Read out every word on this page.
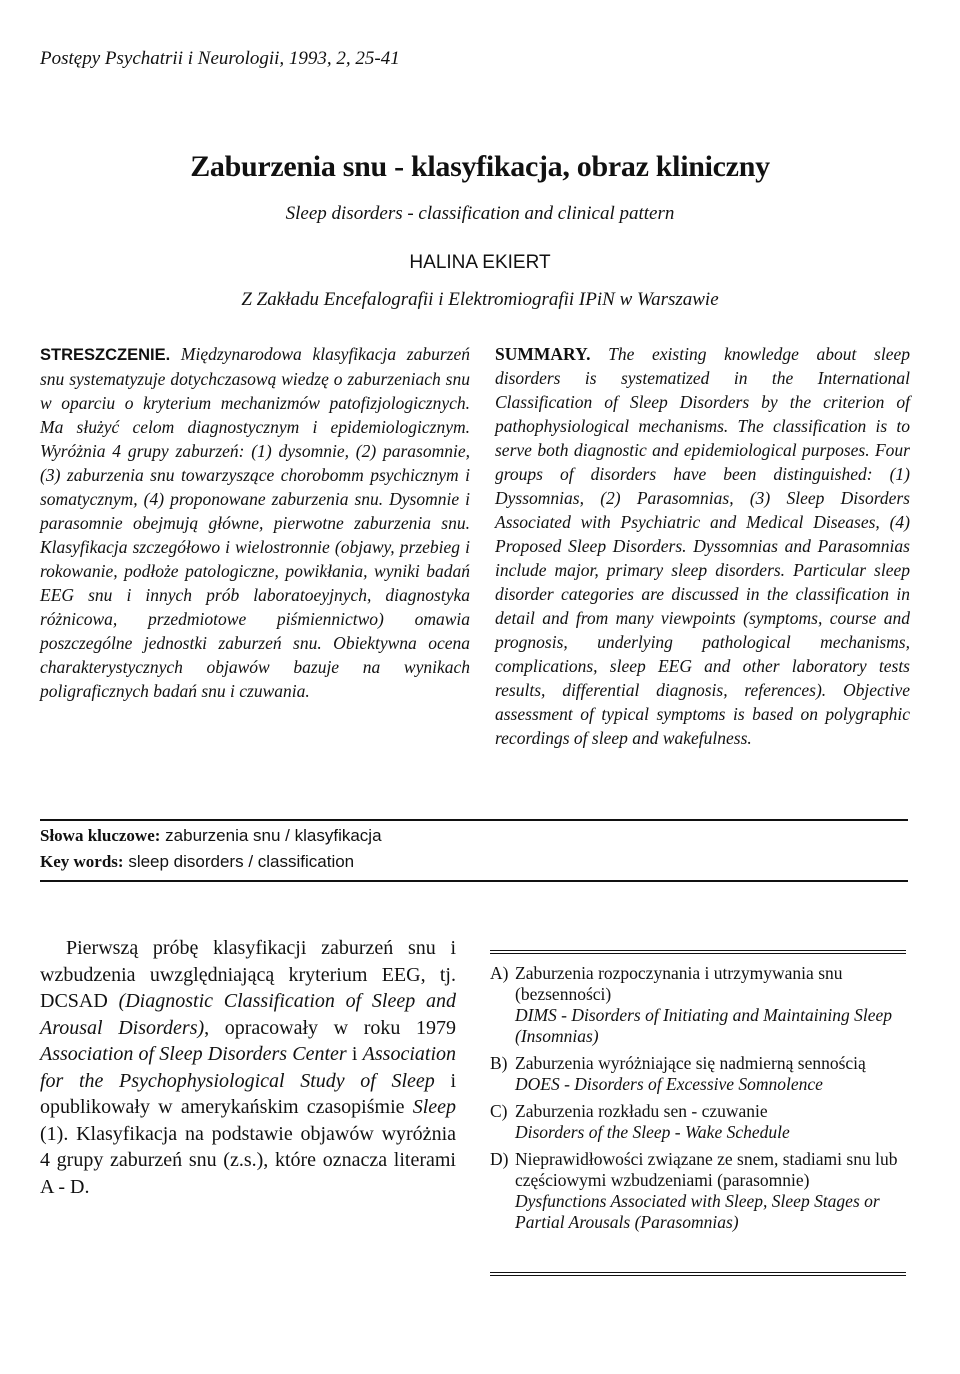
Postępy Psychatrii i Neurologii, 1993, 2, 25-41
Zaburzenia snu - klasyfikacja, obraz kliniczny
Sleep disorders - classification and clinical pattern
HALINA EKIERT
Z Zakładu Encefalografii i Elektromiografii IPiN w Warszawie
STRESZCZENIE. Międzynarodowa klasyfikacja zaburzeń snu systematyzuje dotychczasową wiedzę o zaburzeniach snu w oparciu o kryterium mechanizmów patofizjologicznych. Ma służyć celom diagnostycznym i epidemiologicznym. Wyróżnia 4 grupy zaburzeń: (1) dysomnie, (2) parasomnie, (3) zaburzenia snu towarzyszące chorobomm psychicznym i somatycznym, (4) proponowane zaburzenia snu. Dysomnie i parasomnie obejmują główne, pierwotne zaburzenia snu. Klasyfikacja szczegółowo i wielostronnie (objawy, przebieg i rokowanie, podłoże patologiczne, powikłania, wyniki badań EEG snu i innych prób laboratoeyjnych, diagnostyka różnicowa, przedmiotowe piśmiennictwo) omawia poszczególne jednostki zaburzeń snu. Obiektywna ocena charakterystycznych objawów bazuje na wynikach poligraficznych badań snu i czuwania.
SUMMARY. The existing knowledge about sleep disorders is systematized in the International Classification of Sleep Disorders by the criterion of pathophysiological mechanisms. The classification is to serve both diagnostic and epidemiological purposes. Four groups of disorders have been distinguished: (1) Dyssomnias, (2) Parasomnias, (3) Sleep Disorders Associated with Psychiatric and Medical Diseases, (4) Proposed Sleep Disorders. Dyssomnias and Parasomnias include major, primary sleep disorders. Particular sleep disorder categories are discussed in the classification in detail and from many viewpoints (symptoms, course and prognosis, underlying pathological mechanisms, complications, sleep EEG and other laboratory tests results, differential diagnosis, references). Objective assessment of typical symptoms is based on polygraphic recordings of sleep and wakefulness.
Słowa kluczowe: zaburzenia snu / klasyfikacja
Key words: sleep disorders / classification
Pierwszą próbę klasyfikacji zaburzeń snu i wzbudzenia uwzględniającą kryterium EEG, tj. DCSAD (Diagnostic Classification of Sleep and Arousal Disorders), opracowały w roku 1979 Association of Sleep Disorders Center i Association for the Psychophysiological Study of Sleep i opublikowały w amerykańskim czasopiśmie Sleep (1). Klasyfikacja na podstawie objawów wyróżnia 4 grupy zaburzeń snu (z.s.), które oznacza literami A - D.
A) Zaburzenia rozpoczynania i utrzymywania snu
(bezsenności)
DIMS - Disorders of Initiating and Maintaining Sleep (Insomnias)
B) Zaburzenia wyróżniające się nadmierną sennością
DOES - Disorders of Excessive Somnolence
C) Zaburzenia rozkładu sen - czuwanie
Disorders of the Sleep - Wake Schedule
D) Nieprawidłowości związane ze snem, stadiami snu lub częściowymi wzbudzeniami (parasomnie)
Dysfunctions Associated with Sleep, Sleep Stages or Partial Arousals (Parasomnias)
